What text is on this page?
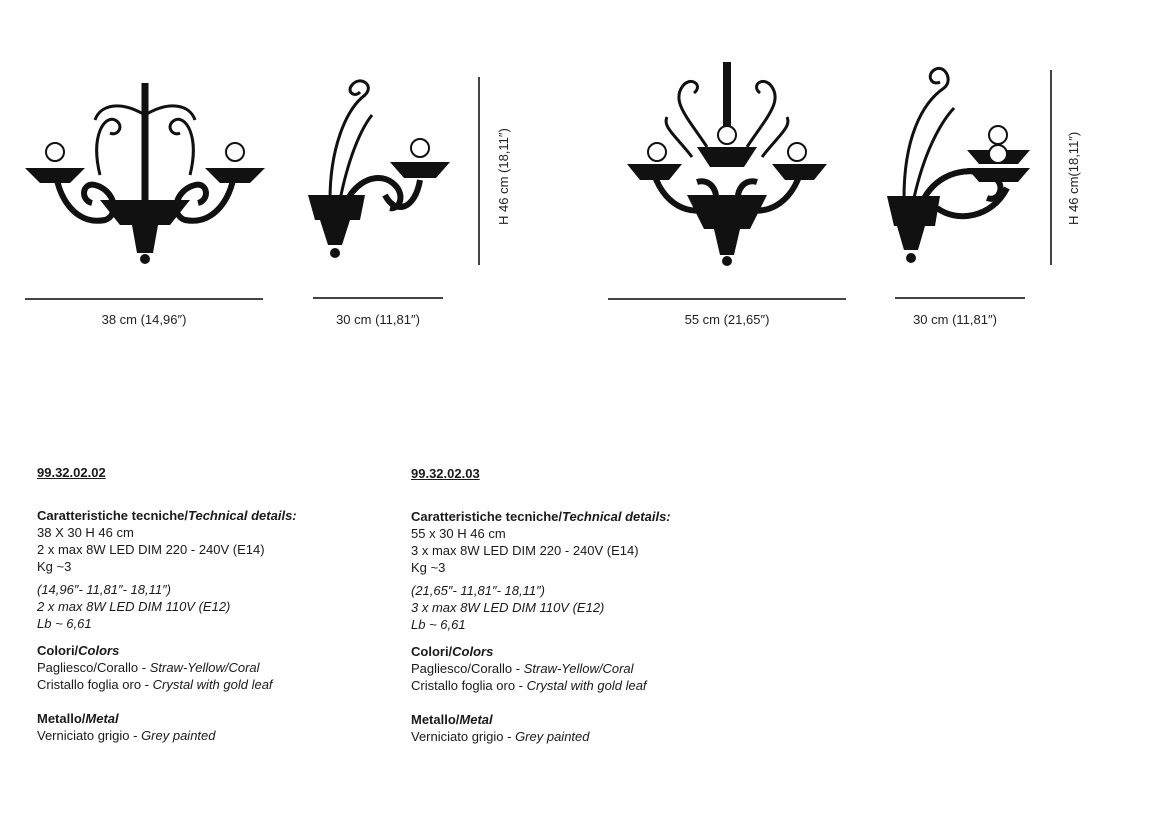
38 cm (14,96″)	30 cm (11,81″)
H 46 cm (18,11″)
55 cm (21,65″)	30 cm (11,81″)
H 46 cm(18,11″)
99.32.02.02
Caratteristiche tecniche/Technical details:
38 X 30 H 46 cm
2 x max 8W LED DIM 220 - 240V (E14)
Kg ~3
(14,96″- 11,81″- 18,11″)
2 x max 8W LED DIM 110V (E12)
Lb ~ 6,61
Colori/Colors
Pagliesco/Corallo - Straw-Yellow/Coral
Cristallo foglia oro - Crystal with gold leaf
Metallo/Metal
Verniciato grigio - Grey painted
99.32.02.03
Caratteristiche tecniche/Technical details:
55 x 30 H 46 cm
3 x max 8W LED DIM 220 - 240V (E14)
Kg ~3
(21,65″- 11,81″- 18,11″)
3 x max 8W LED DIM 110V (E12)
Lb ~ 6,61
Colori/Colors
Pagliesco/Corallo - Straw-Yellow/Coral
Cristallo foglia oro - Crystal with gold leaf
Metallo/Metal
Verniciato grigio - Grey painted
